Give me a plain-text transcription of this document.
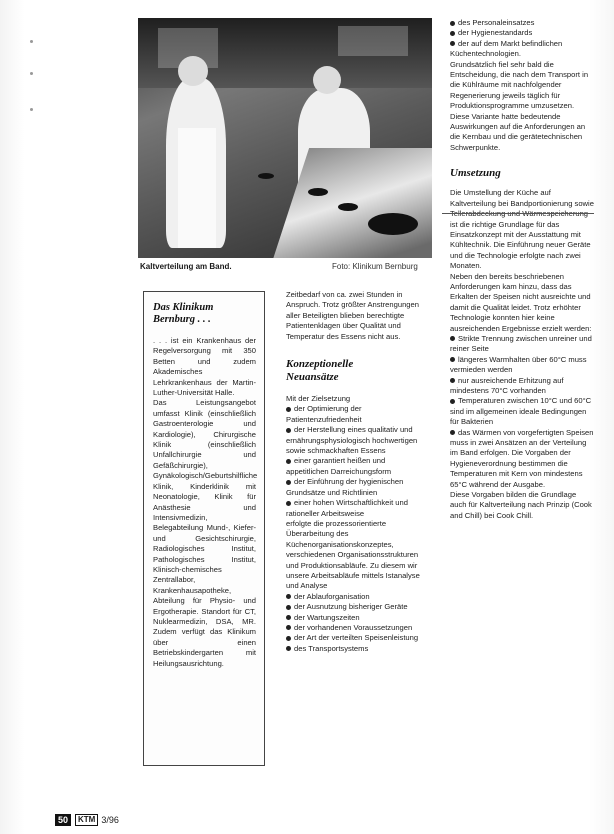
Kaltverteilung am Band.	Foto: Klinikum Bernburg
Das Klinikum
Bernburg . . .

. . . ist ein Krankenhaus der Regelversorgung mit 350 Betten und zudem Akademisches Lehrkrankenhaus der Martin-Luther-Universität Halle.

Das Leistungsangebot umfasst Klinik (einschließlich Gastroenterologie und Kardiologie), Chirurgische Klinik (einschließlich Unfallchirurgie und Gefäßchirurgie), Gynäkologisch/Geburtshilfliche Klinik, Kinderklinik mit Neonatologie, Klinik für Anästhesie und Intensivmedizin, Belegabteilung Mund-, Kiefer- und Gesichtschirurgie, Radiologisches Institut, Pathologisches Institut, Klinisch-chemisches Zentrallabor, Krankenhausapotheke, Abteilung für Physio- und Ergotherapie. Standort für CT, Nuklearmedizin, DSA, MR. Zudem verfügt das Klinikum über einen Betriebskindergarten mit Heilungsausrichtung.

Zeitbedarf von ca. zwei Stunden in Anspruch. Trotz größter Anstrengungen aller Beteiligten blieben berechtigte Patientenklagen über Qualität und Temperatur des Essens nicht aus.

Konzeptionelle
Neuansätze

Mit der Zielsetzung

der Optimierung der Patientenzufriedenheit

der Herstellung eines qualitativ und ernährungsphysiologisch hochwertigen sowie schmackhaften Essens

einer garantiert heißen und appetitlichen Darreichungsform

der Einführung der hygienischen Grundsätze und Richtlinien

einer hohen Wirtschaftlichkeit und rationeller Arbeitsweise

erfolgte die prozessorientierte Überarbeitung des Küchenorganisationskonzeptes, verschiedenen Organisationsstrukturen und Produktionsabläufe. Zu diesem wir unsere Arbeitsabläufe mittels Istanalyse und Analyse

der Ablauforganisation

der Ausnutzung bisheriger Geräte

der Wartungszeiten

der vorhandenen Voraussetzungen

der Art der verteilten Speisenleistung

des Transportsystems

des Personaleinsatzes

der Hygienestandards

der auf dem Markt befindlichen Küchentechnologien.

Grundsätzlich fiel sehr bald die Entscheidung, die nach dem Transport in die Kühlräume mit nachfolgender Regenerierung jeweils täglich für Produktionsprogramme umzusetzen. Diese Variante hatte bedeutende Auswirkungen auf die Anforderungen an die Kernbau und die gerätetechnischen Schwerpunkte.

Umsetzung

Die Umstellung der Küche auf Kaltverteilung bei Bandportionierung sowie ist die richtige Grundlage für das Einsatzkonzept mit der Ausstattung mit Kühltechnik. Die Einführung neuer Geräte und die Technologie erfolgte nach zwei Monaten.

Neben den bereits beschriebenen Anforderungen kam hinzu, dass das Erkalten der Speisen nicht ausreichte und damit die Qualität leidet. Trotz erhöhter Technologie konnten hier keine ausreichenden Ergebnisse erzielt werden:

Strikte Trennung zwischen unreiner und reiner Seite

längeres Warmhalten über 60°C muss vermieden werden

nur ausreichende Erhitzung auf mindestens 70°C vorhanden

Temperaturen zwischen 10°C und 60°C sind im allgemeinen ideale Bedingungen für Bakterien

das Wärmen von vorgefertigten Speisen muss in zwei Ansätzen an der Verteilung im Band erfolgen. Die Vorgaben der Hygieneverordnung bestimmen die Temperaturen mit Kern von mindestens 65°C während der Ausgabe.

Diese Vorgaben bilden die Grundlage auch für Kaltverteilung nach Prinzip (Cook and Chill) bei Cook Chill.

50	KTM 3/96
